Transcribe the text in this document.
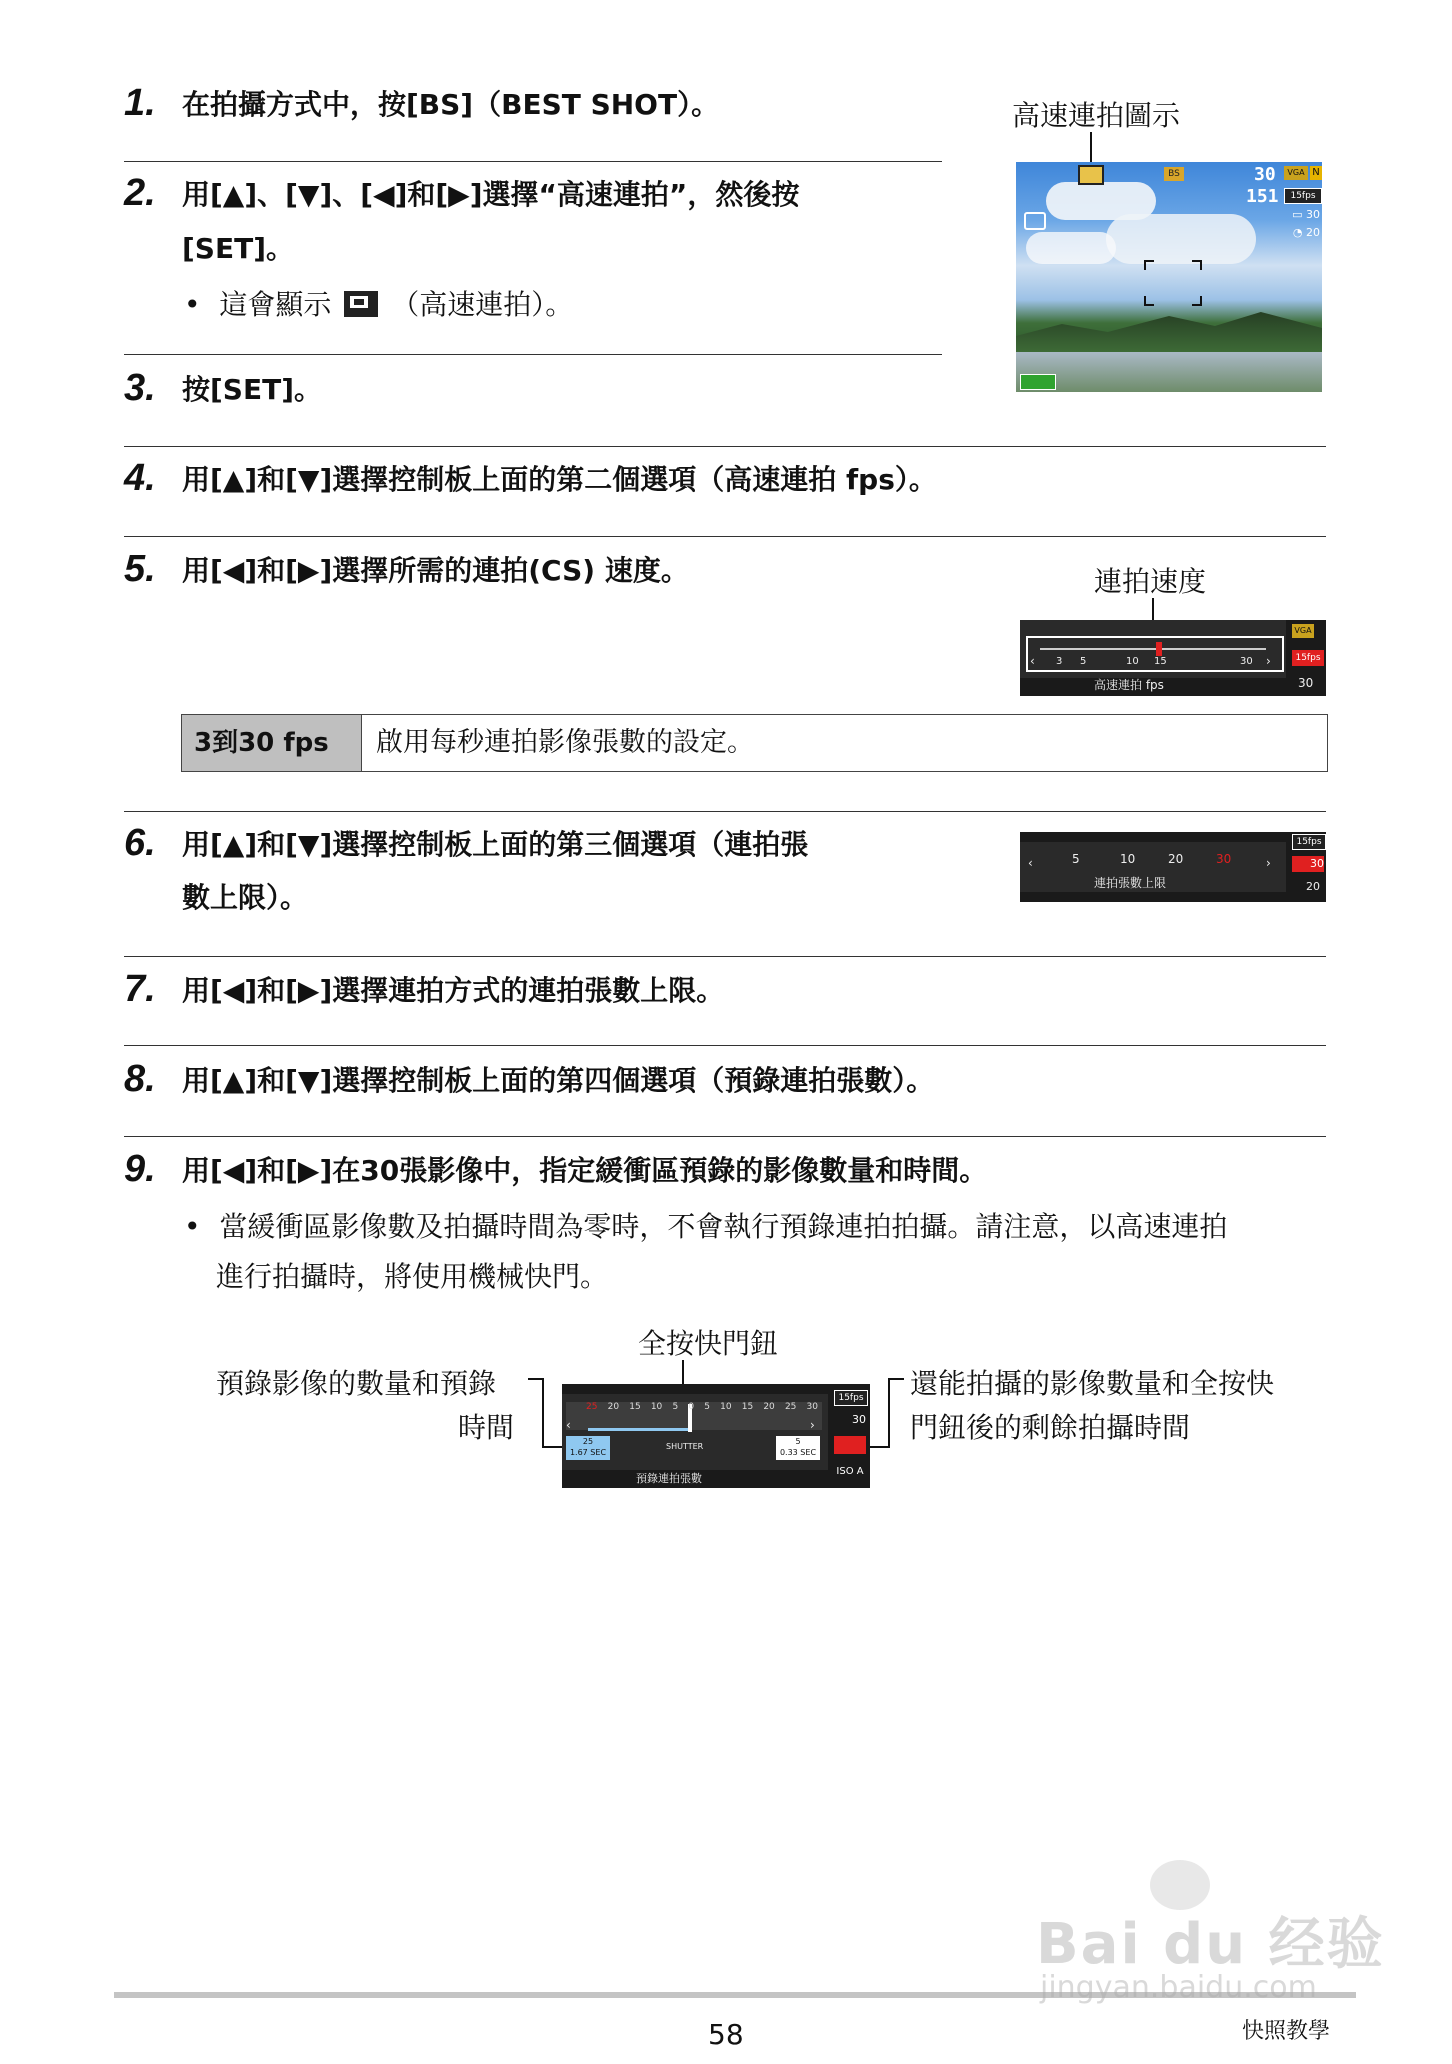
1. 在拍攝方式中，按[BS]（BEST SHOT）。
2. 用[▲]、[▼]、[◀]和[▶]選擇“高速連拍”，然後按
[SET]。
• 這會顯示 （高速連拍）。
3. 按[SET]。
高速連拍圖示
BS	30	VGA N
151	15fps
▭ 30
◔ 20
4. 用[▲]和[▼]選擇控制板上面的第二個選項（高速連拍 fps）。
5. 用[◀]和[▶]選擇所需的連拍(CS) 速度。	連拍速度
‹	›
3 5	10 15	30
高速連拍 fps
VGA
15fps
30
3到30 fps	啟用每秒連拍影像張數的設定。
6. 用[▲]和[▼]選擇控制板上面的第三個選項（連拍張
數上限）。
‹	5	10	20	30	›
連拍張數上限
15fps
30
20
7. 用[◀]和[▶]選擇連拍方式的連拍張數上限。
8. 用[▲]和[▼]選擇控制板上面的第四個選項（預錄連拍張數）。
9. 用[◀]和[▶]在30張影像中，指定緩衝區預錄的影像數量和時間。
• 當緩衝區影像數及拍攝時間為零時，不會執行預錄連拍拍攝。請注意，以高速連拍
進行拍攝時，將使用機械快門。
全按快門鈕
預錄影像的數量和預錄
時間
還能拍攝的影像數量和全按快
門鈕後的剩餘拍攝時間
‹	›
25 20 15 10 5 0 5 10 15 20 25 30
25
1.67 SEC
SHUTTER
5
0.33 SEC
預錄連拍張數
15fps
30
ISO A
58	快照教學
Bai du 经验
jingyan.baidu.com
